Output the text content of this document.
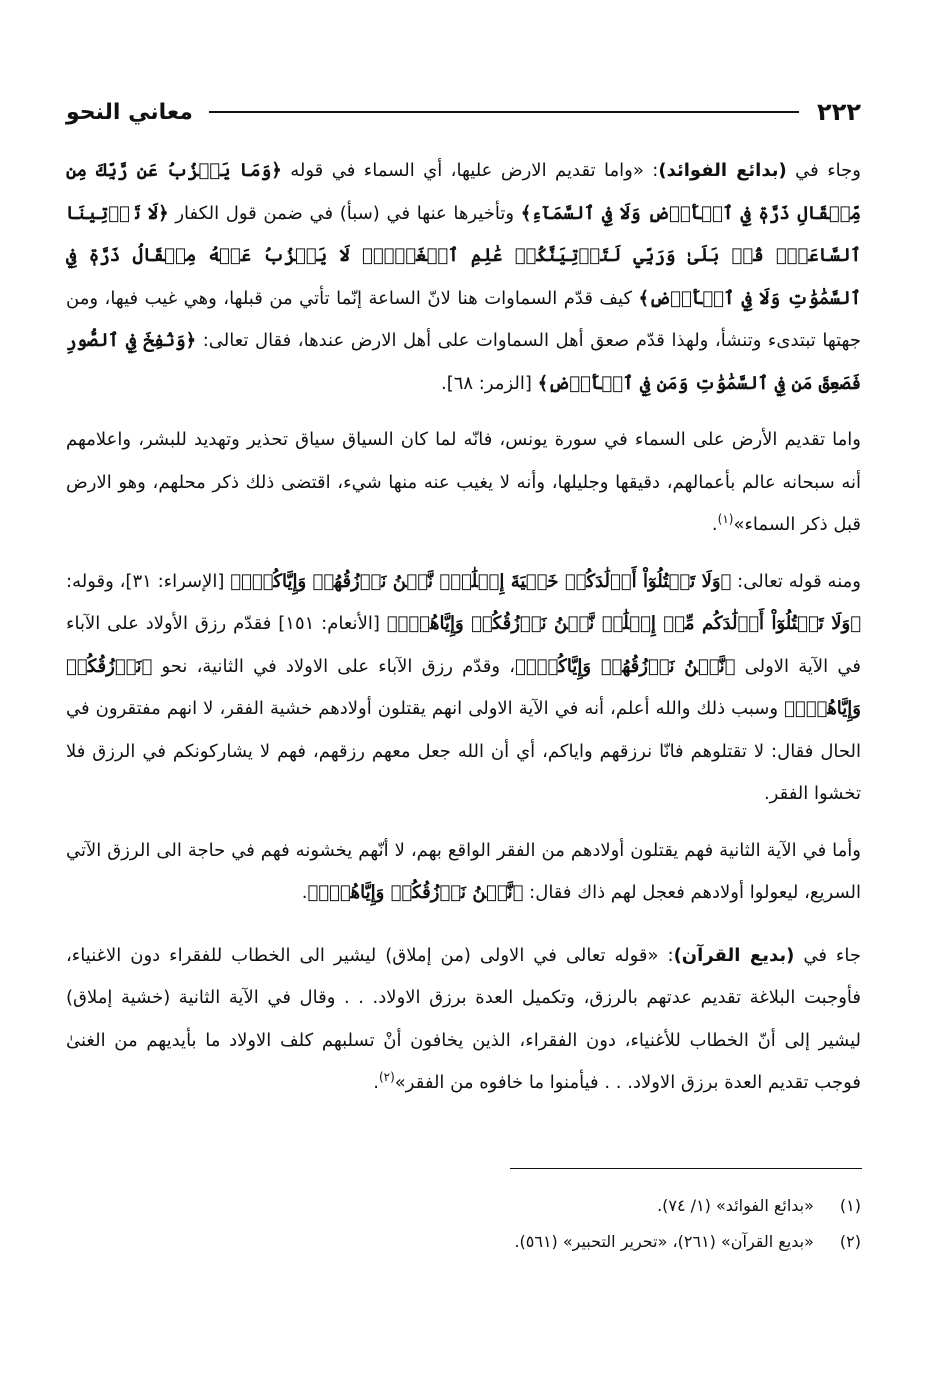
٢٢٢
معاني النحو

وجاء في (بدائع الفوائد): «واما تقديم الارض عليها، أي السماء في قوله ﴿وَمَا يَعۡزُبُ عَن رَّبِّكَ مِن مِّثۡقَالِ ذَرَّةٖ فِي ٱلۡأَرۡضِ وَلَا فِي ٱلسَّمَآءِ﴾ وتأخيرها عنها في (سبأ) في ضمن قول الكفار ﴿لَا تَأۡتِينَا ٱلسَّاعَةُۖ قُلۡ بَلَىٰ وَرَبِّي لَتَأۡتِيَنَّكُمۡ عَٰلِمِ ٱلۡغَيۡبِۖ لَا يَعۡزُبُ عَنۡهُ مِثۡقَالُ ذَرَّةٖ فِي ٱلسَّمَٰوَٰتِ وَلَا فِي ٱلۡأَرۡضِ﴾ كيف قدّم السماوات هنا لانّ الساعة إنّما تأتي من قبلها، وهي غيب فيها، ومن جهتها تبتدىء وتنشأ، ولهذا قدّم صعق أهل السماوات على أهل الارض عندها، فقال تعالى: ﴿وَنُفِخَ فِي ٱلصُّورِ فَصَعِقَ مَن فِي ٱلسَّمَٰوَٰتِ وَمَن فِي ٱلۡأَرۡضِ﴾ [الزمر: ٦٨].

واما تقديم الأرض على السماء في سورة يونس، فانّه لما كان السياق سياق تحذير وتهديد للبشر، واعلامهم أنه سبحانه عالم بأعمالهم، دقيقها وجليلها، وأنه لا يغيب عنه منها شيء، اقتضى ذلك ذكر محلهم، وهو الارض قبل ذكر السماء»$^{(١)}$.

ومنه قوله تعالى: ﴿وَلَا تَقۡتُلُوٓاْ أَوۡلَٰدَكُمۡ خَشۡيَةَ إِمۡلَٰقٖۖ نَّحۡنُ نَرۡزُقُهُمۡ وَإِيَّاكُمۡۚ﴾ [الإسراء: ٣١]، وقوله: ﴿وَلَا تَقۡتُلُوٓاْ أَوۡلَٰدَكُم مِّنۡ إِمۡلَٰقٖ نَّحۡنُ نَرۡزُقُكُمۡ وَإِيَّاهُمۡۖ﴾ [الأنعام: ١٥١] فقدّم رزق الأولاد على الآباء في الآية الاولى ﴿نَّحۡنُ نَرۡزُقُهُمۡ وَإِيَّاكُمۡۚ﴾، وقدّم رزق الآباء على الاولاد في الثانية، نحو ﴿نَرۡزُقُكُمۡ وَإِيَّاهُمۡۖ﴾ وسبب ذلك والله أعلم، أنه في الآية الاولى انهم يقتلون أولادهم خشية الفقر، لا انهم مفتقرون في الحال فقال: لا تقتلوهم فانّا نرزقهم واياكم، أي أن الله جعل معهم رزقهم، فهم لا يشاركونكم في الرزق فلا تخشوا الفقر.

وأما في الآية الثانية فهم يقتلون أولادهم من الفقر الواقع بهم، لا أنّهم يخشونه فهم في حاجة الى الرزق الآتي السريع، ليعولوا أولادهم فعجل لهم ذاك فقال: ﴿نَّحۡنُ نَرۡزُقُكُمۡ وَإِيَّاهُمۡۖ﴾.

جاء في (بديع القرآن): «قوله تعالى في الاولى (من إملاق) ليشير الى الخطاب للفقراء دون الاغنياء، فأوجبت البلاغة تقديم عدتهم بالرزق، وتكميل العدة برزق الاولاد. . . وقال في الآية الثانية (خشية إملاق) ليشير إلى أنّ الخطاب للأغنياء، دون الفقراء، الذين يخافون أنْ تسلبهم كلف الاولاد ما بأيديهم من الغنىٰ فوجب تقديم العدة برزق الاولاد. . . فيأمنوا ما خافوه من الفقر»$^{(٢)}$.

(١)
«بدائع الفوائد» (١/ ٧٤).
(٢)
«بديع القرآن» (٢٦١)، «تحرير التحبير» (٥٦١).
